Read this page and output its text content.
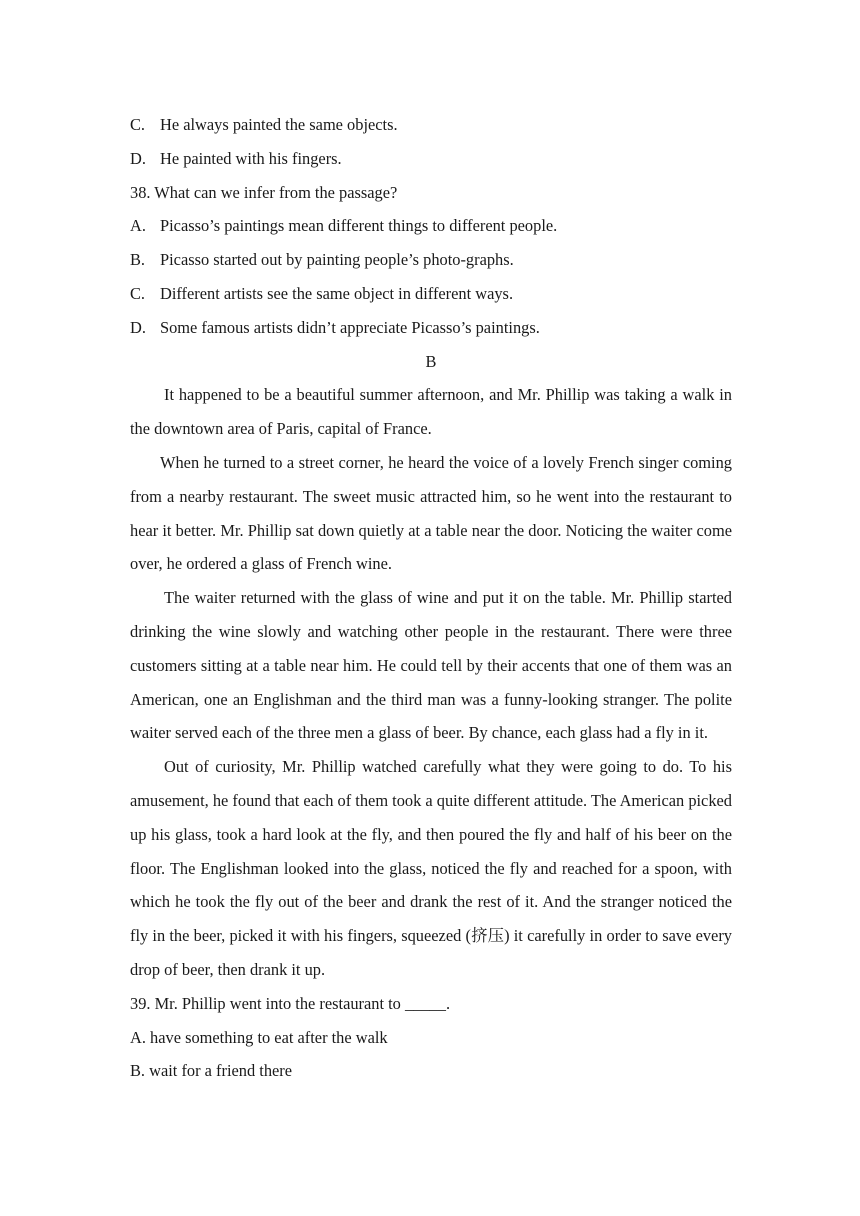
C. He always painted the same objects.
D. He painted with his fingers.
38. What can we infer from the passage?
A. Picasso’s paintings mean different things to different people.
B. Picasso started out by painting people’s photo-graphs.
C. Different artists see the same object in different ways.
D. Some famous artists didn’t appreciate Picasso’s paintings.
B

It happened to be a beautiful summer afternoon, and Mr. Phillip was taking a walk in the downtown area of Paris, capital of France.

When he turned to a street corner, he heard the voice of a lovely French singer coming from a nearby restaurant. The sweet music attracted him, so he went into the restaurant to hear it better. Mr. Phillip sat down quietly at a table near the door. Noticing the waiter come over, he ordered a glass of French wine.

The waiter returned with the glass of wine and put it on the table. Mr. Phillip started drinking the wine slowly and watching other people in the restaurant. There were three customers sitting at a table near him. He could tell by their accents that one of them was an American, one an Englishman and the third man was a funny-looking stranger. The polite waiter served each of the three men a glass of beer. By chance, each glass had a fly in it.

Out of curiosity, Mr. Phillip watched carefully what they were going to do. To his amusement, he found that each of them took a quite different attitude. The American picked up his glass, took a hard look at the fly, and then poured the fly and half of his beer on the floor. The Englishman looked into the glass, noticed the fly and reached for a spoon, with which he took the fly out of the beer and drank the rest of it. And the stranger noticed the fly in the beer, picked it with his fingers, squeezed (挤压) it carefully in order to save every drop of beer, then drank it up.

39. Mr. Phillip went into the restaurant to _____.
A. have something to eat after the walk
B. wait for a friend there
